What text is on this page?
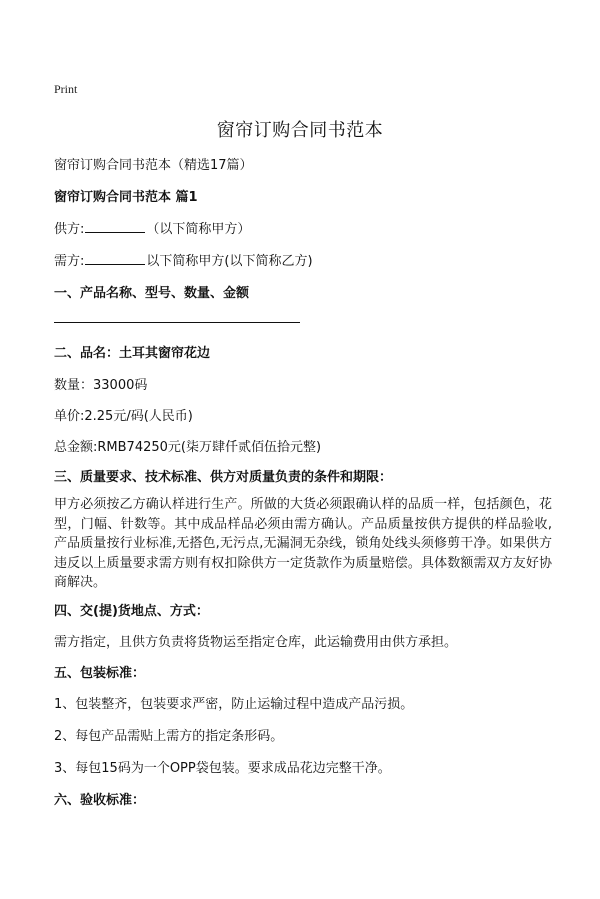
Print
窗帘订购合同书范本
窗帘订购合同书范本（精选17篇）
窗帘订购合同书范本 篇1
供方:	（以下简称甲方）
需方:	以下简称甲方(以下简称乙方)
一、产品名称、型号、数量、金额
二、品名：土耳其窗帘花边
数量：33000码
单价:2.25元/码(人民币)
总金额:RMB74250元(柒万肆仟贰佰伍拾元整)
三、质量要求、技术标准、供方对质量负责的条件和期限：
甲方必须按乙方确认样进行生产。所做的大货必须跟确认样的品质一样，包括颜色，花型，门幅、针数等。其中成品样品必须由需方确认。产品质量按供方提供的样品验收,产品质量按行业标准,无搭色,无污点,无漏洞无杂线，锁角处线头须修剪干净。如果供方违反以上质量要求需方则有权扣除供方一定货款作为质量赔偿。具体数额需双方友好协商解决。
四、交(提)货地点、方式：
需方指定，且供方负责将货物运至指定仓库，此运输费用由供方承担。
五、包装标准：
1、包装整齐，包装要求严密，防止运输过程中造成产品污损。
2、每包产品需贴上需方的指定条形码。
3、每包15码为一个OPP袋包装。要求成品花边完整干净。
六、验收标准：
